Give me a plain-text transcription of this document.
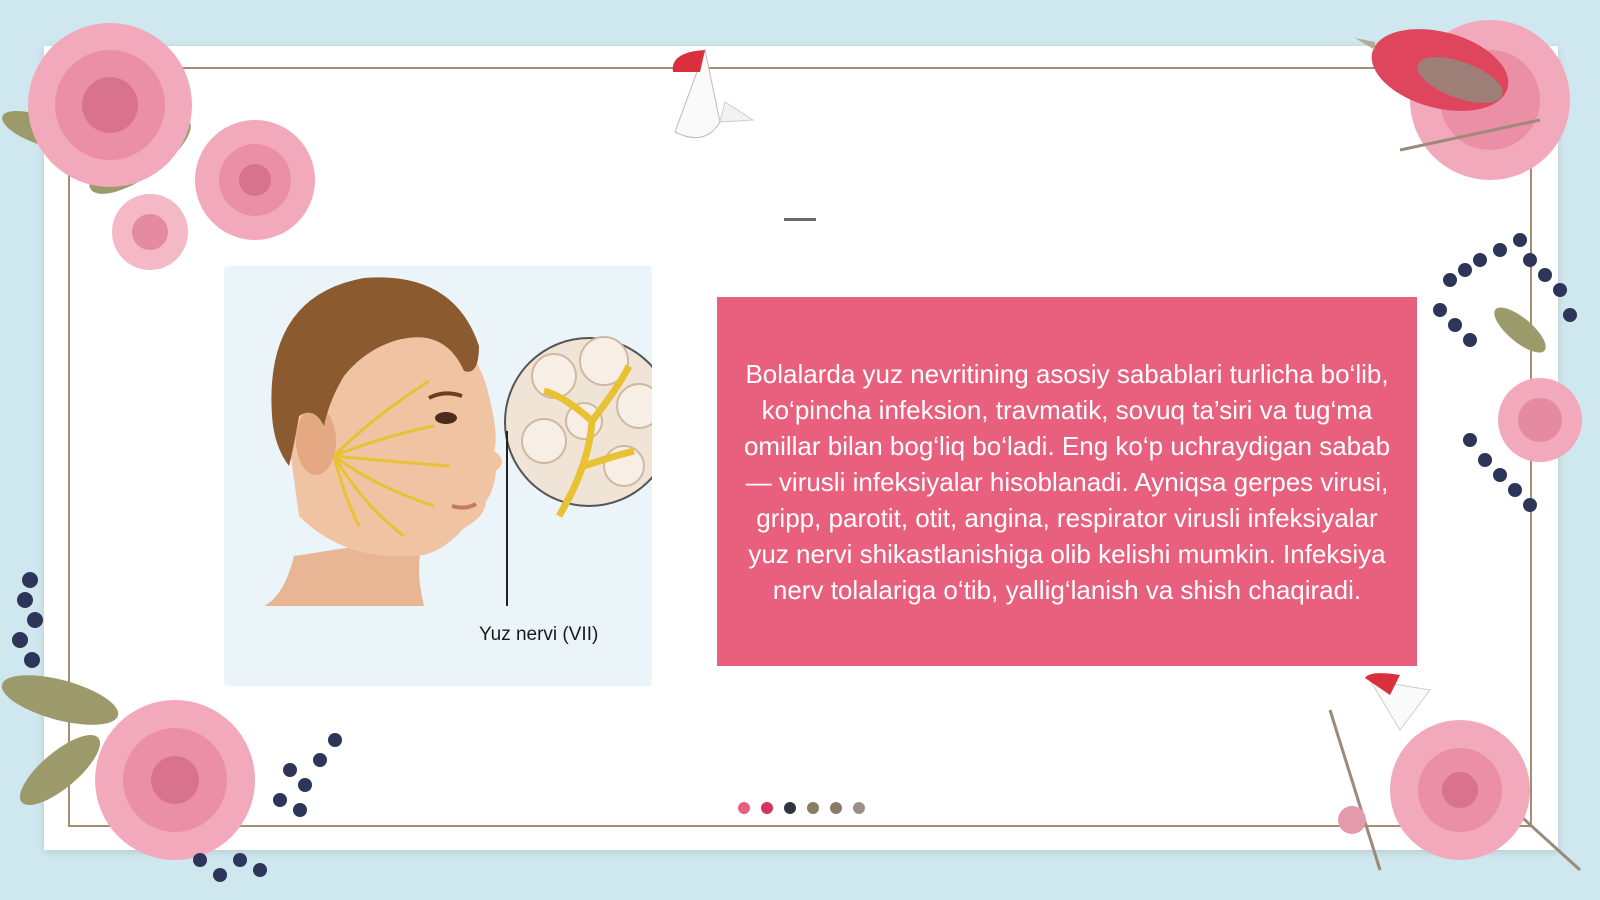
Yuz nervi (VII)

Bolalarda yuz nevritining asosiy sabablari turlicha bo‘lib, ko‘pincha infeksion, travmatik, sovuq ta’siri va tug‘ma omillar bilan bog‘liq bo‘ladi. Eng ko‘p uchraydigan sabab — virusli infeksiyalar hisoblanadi. Ayniqsa gerpes virusi, gripp, parotit, otit, angina, respirator virusli infeksiyalar yuz nervi shikastlanishiga olib kelishi mumkin. Infeksiya nerv tolalariga o‘tib, yallig‘lanish va shish chaqiradi.
